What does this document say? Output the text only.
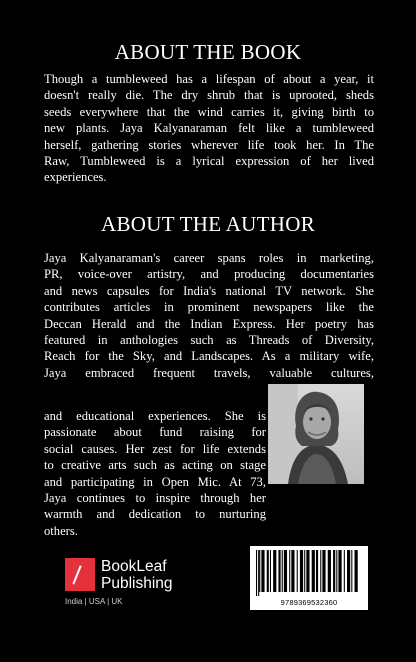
ABOUT THE BOOK

Though a tumbleweed has a lifespan of about a year, it
doesn't really die. The dry shrub that is uprooted, sheds
seeds everywhere that the wind carries it, giving birth to
new plants. Jaya Kalyanaraman felt like a tumbleweed
herself, gathering stories wherever life took her. In The
Raw, Tumbleweed is a lyrical expression of her lived
experiences.

ABOUT THE AUTHOR

Jaya Kalyanaraman's career spans roles in marketing,
PR, voice-over artistry, and producing documentaries
and news capsules for India's national TV network. She
contributes articles in prominent newspapers like the
Deccan Herald and the Indian Express. Her poetry has
featured in anthologies such as Threads of Diversity,
Reach for the Sky, and Landscapes. As a military wife,
Jaya embraced frequent travels, valuable cultures,

and educational experiences. She is
passionate about fund raising for
social causes. Her zest for life extends
to creative arts such as acting on stage
and participating in Open Mic. At 73,
Jaya continues to inspire through her
warmth and dedication to nurturing
others.

BookLeaf
Publishing
India | USA | UK	9789369532360
